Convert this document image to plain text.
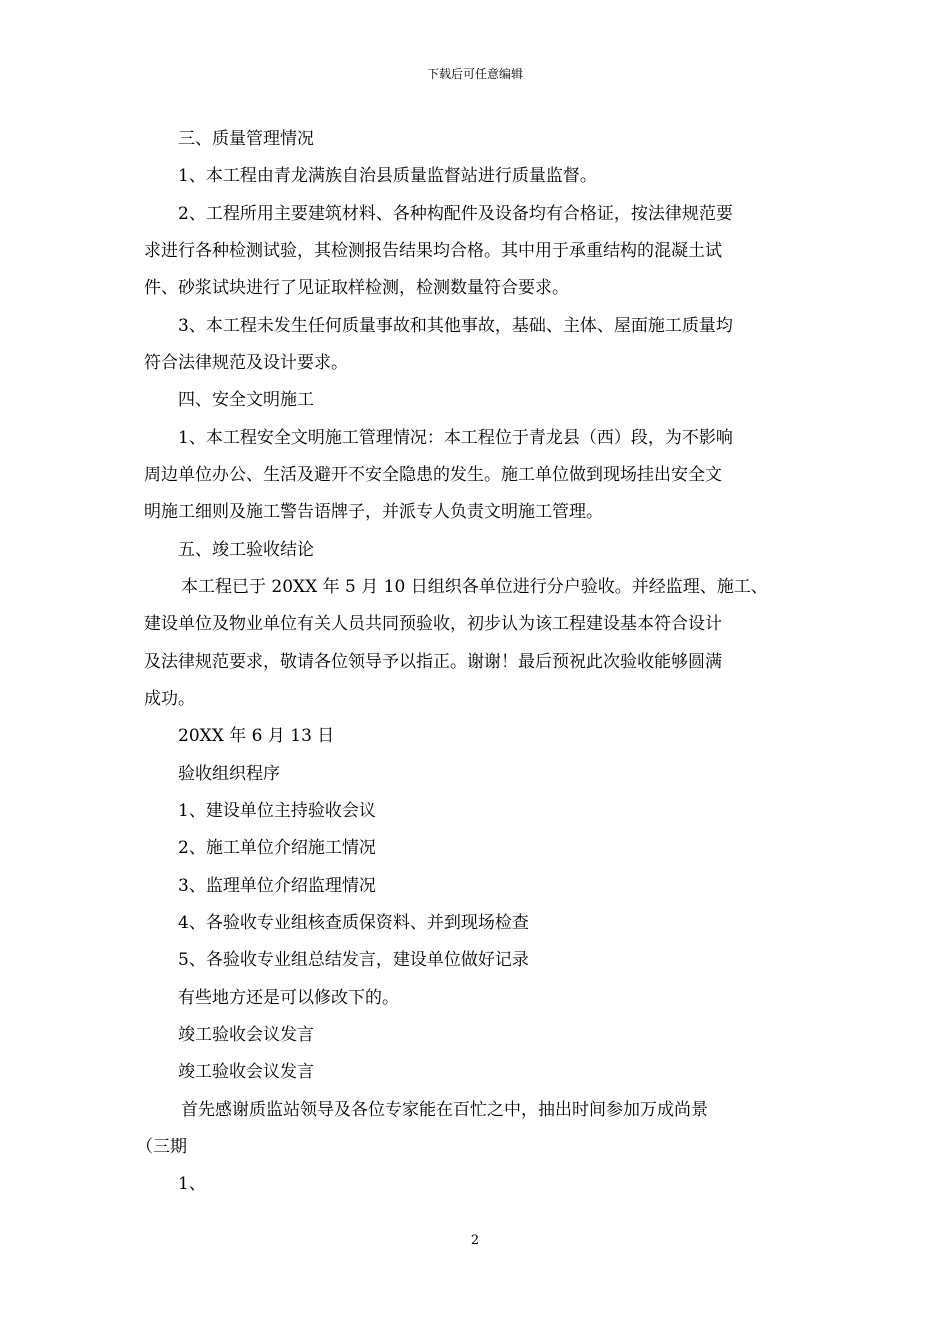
下载后可任意编辑
三、质量管理情况
1、本工程由青龙满族自治县质量监督站进行质量监督。
2、工程所用主要建筑材料、各种构配件及设备均有合格证，按法律规范要
求进行各种检测试验，其检测报告结果均合格。其中用于承重结构的混凝土试
件、砂浆试块进行了见证取样检测，检测数量符合要求。
3、本工程未发生任何质量事故和其他事故，基础、主体、屋面施工质量均
符合法律规范及设计要求。
四、安全文明施工
1、本工程安全文明施工管理情况：本工程位于青龙县（西）段，为不影响
周边单位办公、生活及避开不安全隐患的发生。施工单位做到现场挂出安全文
明施工细则及施工警告语牌子，并派专人负责文明施工管理。
五、竣工验收结论
本工程已于 20XX 年 5 月 10 日组织各单位进行分户验收。并经监理、施工、
建设单位及物业单位有关人员共同预验收，初步认为该工程建设基本符合设计
及法律规范要求，敬请各位领导予以指正。谢谢！最后预祝此次验收能够圆满
成功。
20XX 年 6 月 13 日
验收组织程序
1、建设单位主持验收会议
2、施工单位介绍施工情况
3、监理单位介绍监理情况
4、各验收专业组核查质保资料、并到现场检查
5、各验收专业组总结发言，建设单位做好记录
有些地方还是可以修改下的。
竣工验收会议发言
竣工验收会议发言
首先感谢质监站领导及各位专家能在百忙之中，抽出时间参加万成尚景
（三期
1、
2
